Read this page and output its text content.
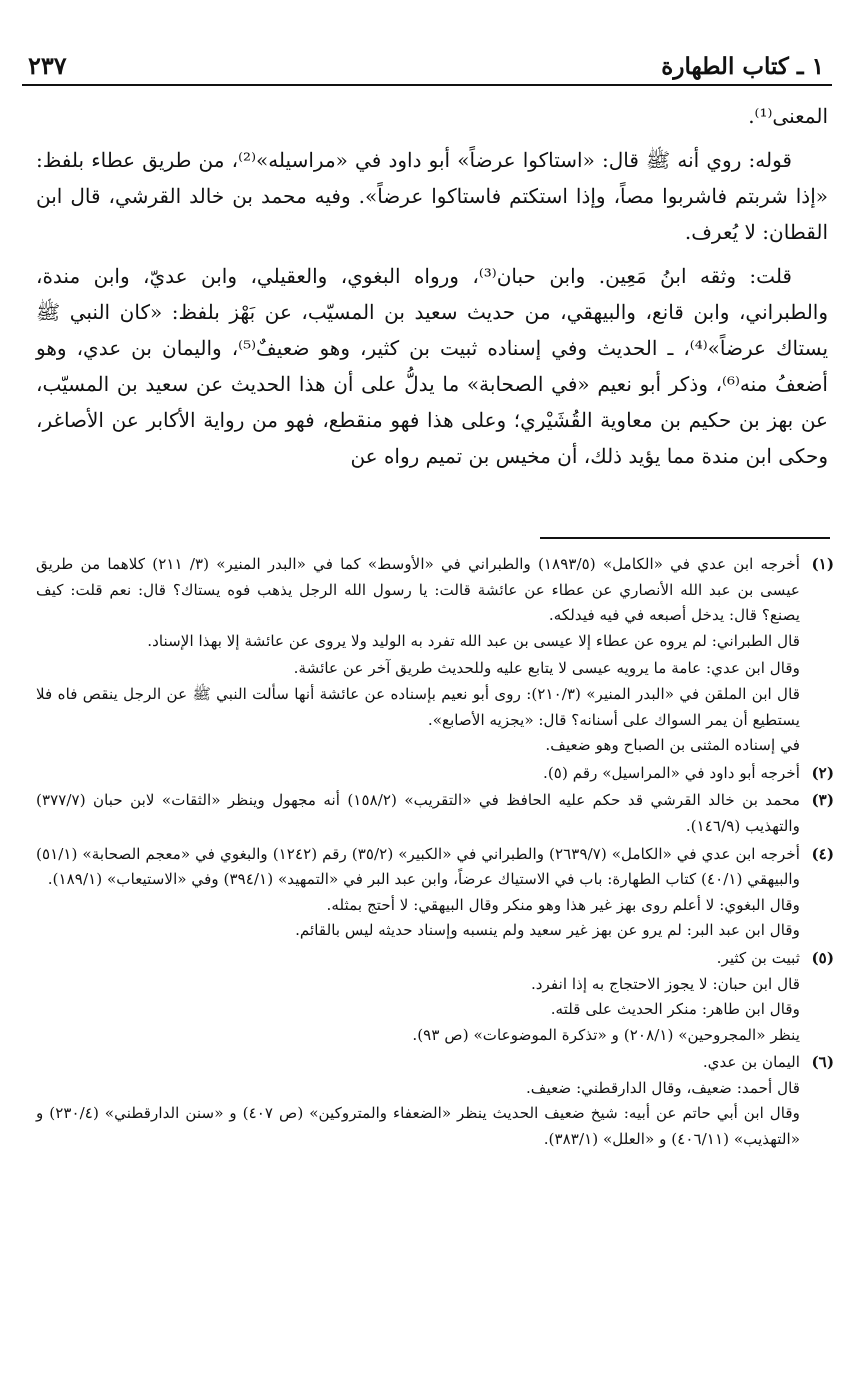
٢٣٧	١ ـ كتاب الطهارة

المعنى⁽¹⁾.

قوله: روي أنه ﷺ قال: «استاكوا عرضاً» أبو داود في «مراسيله»⁽²⁾، من طريق عطاء بلفظ: «إذا شربتم فاشربوا مصاً، وإذا استكتم فاستاكوا عرضاً». وفيه محمد بن خالد القرشي، قال ابن القطان: لا يُعرف.

قلت: وثقه ابنُ مَعِين. وابن حبان⁽³⁾، ورواه البغوي، والعقيلي، وابن عديّ، وابن مندة، والطبراني، وابن قانع، والبيهقي، من حديث سعيد بن المسيّب، عن بَهْز بلفظ: «كان النبي ﷺ يستاك عرضاً»⁽⁴⁾، ـ الحديث وفي إسناده ثبيت بن كثير، وهو ضعيفٌ⁽⁵⁾، واليمان بن عدي، وهو أضعفُ منه⁽⁶⁾، وذكر أبو نعيم «في الصحابة» ما يدلُّ على أن هذا الحديث عن سعيد بن المسيّب، عن بهز بن حكيم بن معاوية القُشَيْري؛ وعلى هذا فهو منقطع، فهو من رواية الأكابر عن الأصاغر، وحكى ابن مندة مما يؤيد ذلك، أن مخيس بن تميم رواه عن

(١)
أخرجه ابن عدي في «الكامل» (١٨٩٣/٥) والطبراني في «الأوسط» كما في «البدر المنير» (٣/ ٢١١) كلاهما من طريق عيسى بن عبد الله الأنصاري عن عطاء عن عائشة قالت: يا رسول الله الرجل يذهب فوه يستاك؟ قال: نعم قلت: كيف يصنع؟ قال: يدخل أصبعه في فيه فيدلكه.
قال الطبراني: لم يروه عن عطاء إلا عيسى بن عبد الله تفرد به الوليد ولا يروى عن عائشة إلا بهذا الإسناد.
وقال ابن عدي: عامة ما يرويه عيسى لا يتابع عليه وللحديث طريق آخر عن عائشة.
قال ابن الملقن في «البدر المنير» (٢١٠/٣): روى أبو نعيم بإسناده عن عائشة أنها سألت النبي ﷺ عن الرجل ينقص فاه فلا يستطيع أن يمر السواك على أسنانه؟ قال: «يجزيه الأصابع».
في إسناده المثنى بن الصباح وهو ضعيف.
(٢)
أخرجه أبو داود في «المراسيل» رقم (٥).
(٣)
محمد بن خالد القرشي قد حكم عليه الحافظ في «التقريب» (١٥٨/٢) أنه مجهول وينظر «الثقات» لابن حبان (٣٧٧/٧) والتهذيب (١٤٦/٩).
(٤)
أخرجه ابن عدي في «الكامل» (٢٦٣٩/٧) والطبراني في «الكبير» (٣٥/٢) رقم (١٢٤٢) والبغوي في «معجم الصحابة» (٥١/١) والبيهقي (٤٠/١) كتاب الطهارة: باب في الاستياك عرضاً، وابن عبد البر في «التمهيد» (٣٩٤/١) وفي «الاستيعاب» (١٨٩/١).
وقال البغوي: لا أعلم روى بهز غير هذا وهو منكر وقال البيهقي: لا أحتج بمثله.
وقال ابن عبد البر: لم يرو عن بهز غير سعيد ولم ينسبه وإسناد حديثه ليس بالقائم.
(٥)
ثبيت بن كثير.
قال ابن حبان: لا يجوز الاحتجاج به إذا انفرد.
وقال ابن طاهر: منكر الحديث على قلته.
ينظر «المجروحين» (٢٠٨/١) و «تذكرة الموضوعات» (ص ٩٣).
(٦)
اليمان بن عدي.
قال أحمد: ضعيف، وقال الدارقطني: ضعيف.
وقال ابن أبي حاتم عن أبيه: شيخ ضعيف الحديث ينظر «الضعفاء والمتروكين» (ص ٤٠٧) و «سنن الدارقطني» (٢٣٠/٤) و «التهذيب» (٤٠٦/١١) و «العلل» (٣٨٣/١).
